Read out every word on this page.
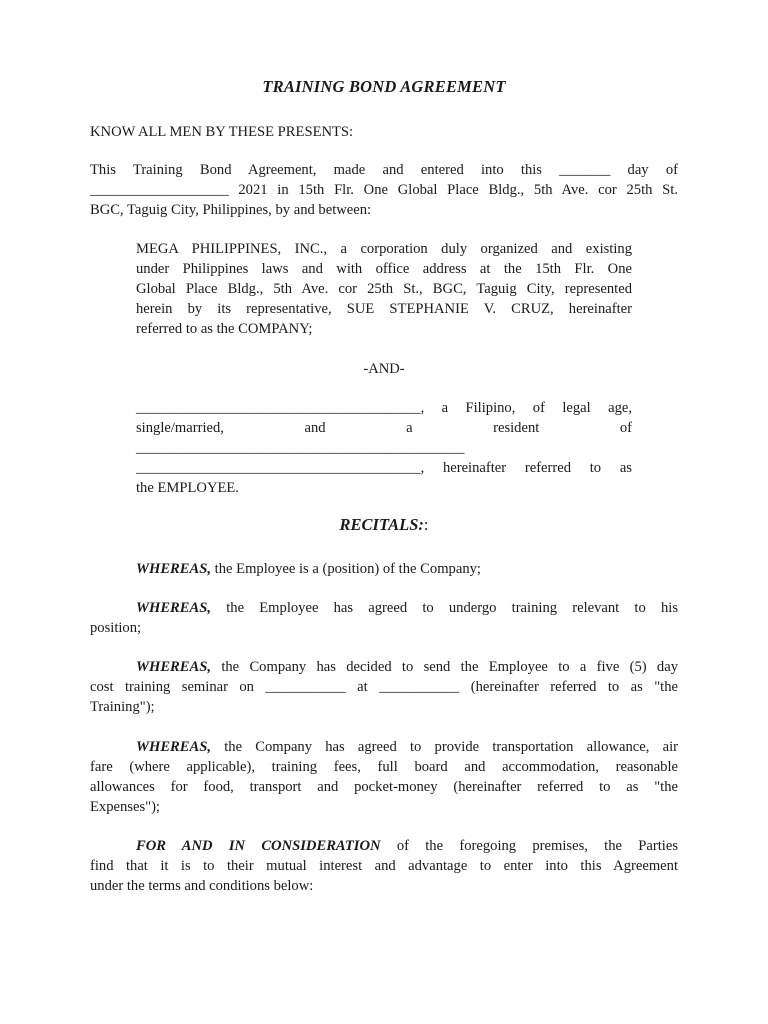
TRAINING BOND AGREEMENT
KNOW ALL MEN BY THESE PRESENTS:
This Training Bond Agreement, made and entered into this _______ day of
___________________ 2021 in 15th Flr. One Global Place Bldg., 5th Ave. cor 25th St.
BGC, Taguig City, Philippines, by and between:
MEGA PHILIPPINES, INC., a corporation duly organized and existing
under Philippines laws and with office address at the 15th Flr. One
Global Place Bldg., 5th Ave. cor 25th St., BGC, Taguig City, represented
herein by its representative, SUE STEPHANIE V. CRUZ, hereinafter
referred to as the COMPANY;
-AND-
_______________________________________, a Filipino, of legal age,
single/married, and a resident of
_____________________________________________
_______________________________________, hereinafter referred to as
the EMPLOYEE.
RECITALS::
WHEREAS, the Employee is a (position) of the Company;
WHEREAS, the Employee has agreed to undergo training relevant to his
position;
WHEREAS, the Company has decided to send the Employee to a five (5) day
cost training seminar on ___________ at ___________ (hereinafter referred to as "the
Training");
WHEREAS, the Company has agreed to provide transportation allowance, air
fare (where applicable), training fees, full board and accommodation, reasonable
allowances for food, transport and pocket-money (hereinafter referred to as "the
Expenses");
FOR AND IN CONSIDERATION of the foregoing premises, the Parties
find that it is to their mutual interest and advantage to enter into this Agreement
under the terms and conditions below:
